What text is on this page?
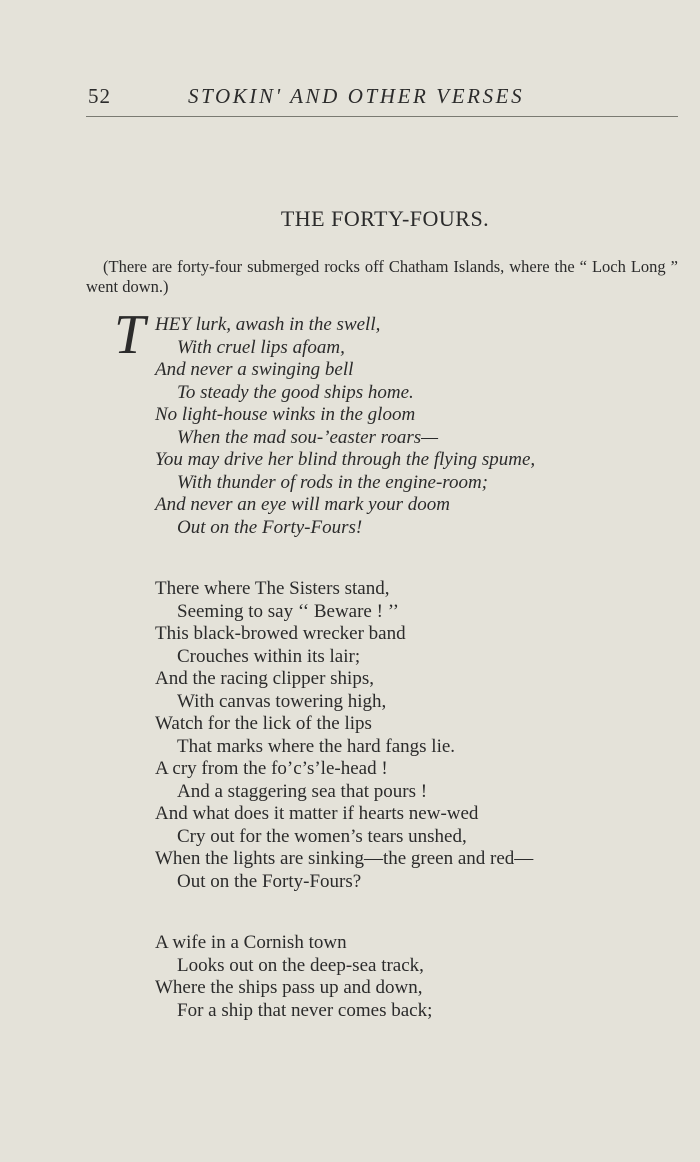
52	STOKIN' AND OTHER VERSES
THE FORTY-FOURS.
(There are forty-four submerged rocks off Chatham Islands, where the “ Loch Long ” went down.)
T HEY lurk, awash in the swell,
With cruel lips afoam,
And never a swinging bell
To steady the good ships home.
No light-house winks in the gloom
When the mad sou-’easter roars—
You may drive her blind through the flying spume,
With thunder of rods in the engine-room;
And never an eye will mark your doom
Out on the Forty-Fours!
There where The Sisters stand,
Seeming to say ‘‘ Beware ! ’’
This black-browed wrecker band
Crouches within its lair;
And the racing clipper ships,
With canvas towering high,
Watch for the lick of the lips
That marks where the hard fangs lie.
A cry from the fo’c’s’le-head !
And a staggering sea that pours !
And what does it matter if hearts new-wed
Cry out for the women’s tears unshed,
When the lights are sinking—the green and red—
Out on the Forty-Fours?
A wife in a Cornish town
Looks out on the deep-sea track,
Where the ships pass up and down,
For a ship that never comes back;
